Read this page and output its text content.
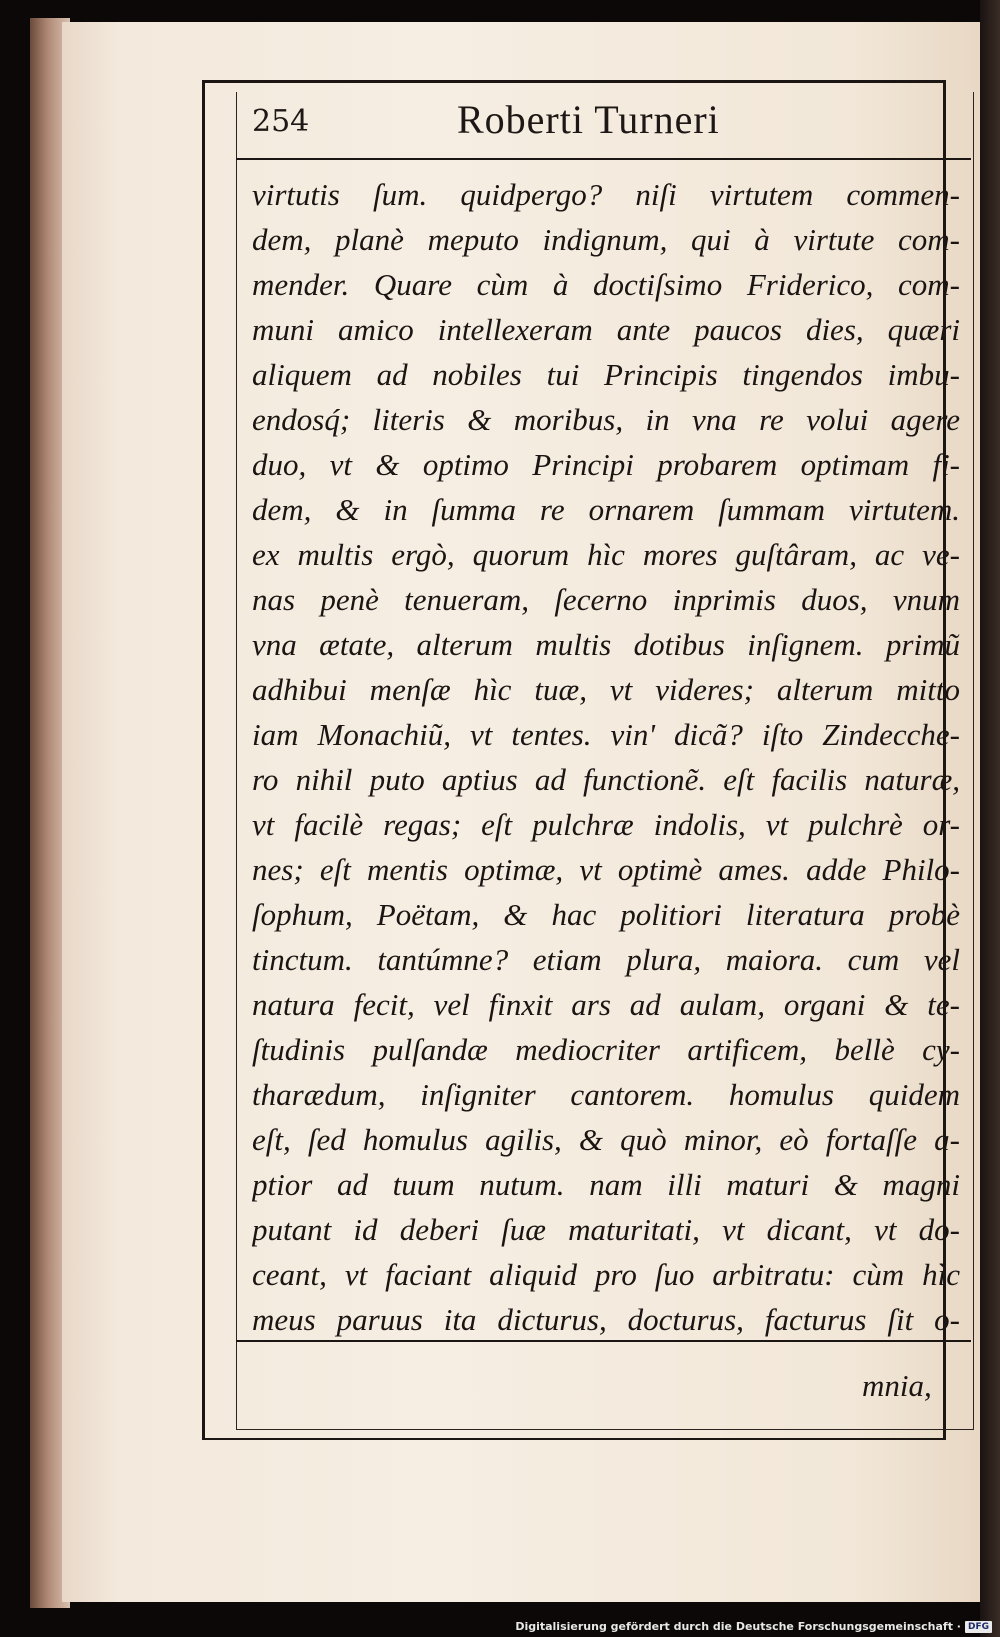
254	Roberti Turneri
virtutis ſum. quidpergo? niſi virtutem commen-
dem, planè meputo indignum, qui à virtute com-
mender. Quare cùm à doctiſsimo Friderico, com-
muni amico intellexeram ante paucos dies, quæri
aliquem ad nobiles tui Principis tingendos imbu-
endosq́; literis & moribus, in vna re volui agere
duo, vt & optimo Principi probarem optimam fi-
dem, & in ſumma re ornarem ſummam virtutem.
ex multis ergò, quorum hìc mores guſtâram, ac ve-
nas penè tenueram, ſecerno inprimis duos, vnum
vna ætate, alterum multis dotibus inſignem. primũ
adhibui menſæ hìc tuæ, vt videres; alterum mitto
iam Monachiũ, vt tentes. vin' dicã? iſto Zindecche-
ro nihil puto aptius ad functionẽ. eſt facilis naturæ,
vt facilè regas; eſt pulchræ indolis, vt pulchrè or-
nes; eſt mentis optimæ, vt optimè ames. adde Philo-
ſophum, Poëtam, & hac politiori literatura probè
tinctum. tantúmne? etiam plura, maiora. cum vel
natura fecit, vel finxit ars ad aulam, organi & te-
ſtudinis pulſandæ mediocriter artificem, bellè cy-
tharædum, inſigniter cantorem. homulus quidem
eſt, ſed homulus agilis, & quò minor, eò fortaſſe a-
ptior ad tuum nutum. nam illi maturi & magni
putant id deberi ſuæ maturitati, vt dicant, vt do-
ceant, vt faciant aliquid pro ſuo arbitratu: cùm hìc
meus paruus ita dicturus, docturus, facturus ſit o-
mnia,
Digitalisierung gefördert durch die Deutsche Forschungsgemeinschaft · DFG
